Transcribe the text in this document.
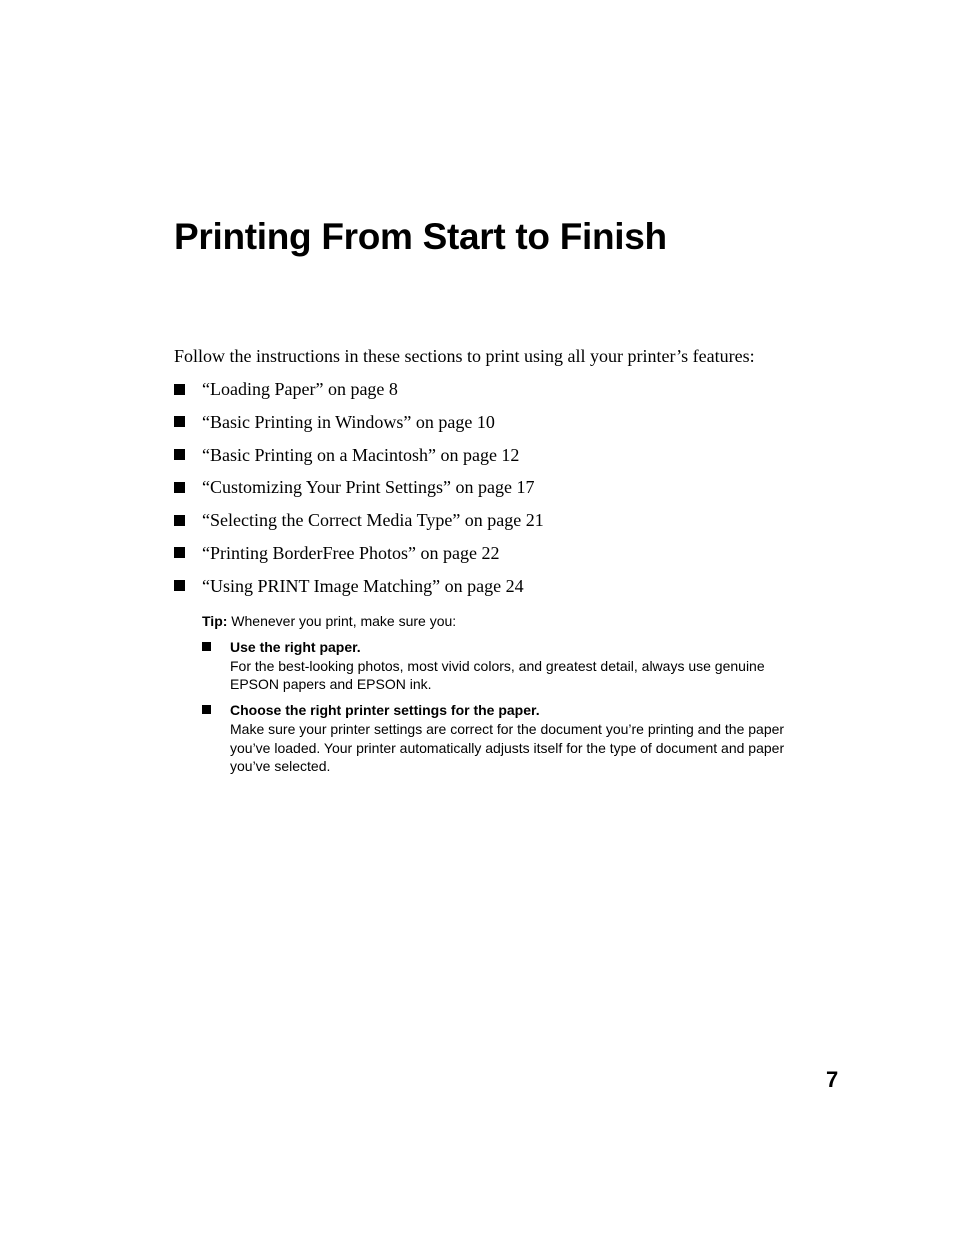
Printing From Start to Finish

Follow the instructions in these sections to print using all your printer’s features:

“Loading Paper” on page 8
“Basic Printing in Windows” on page 10
“Basic Printing on a Macintosh” on page 12
“Customizing Your Print Settings” on page 17
“Selecting the Correct Media Type” on page 21
“Printing BorderFree Photos” on page 22
“Using PRINT Image Matching” on page 24

Tip: Whenever you print, make sure you:

Use the right paper.
For the best-looking photos, most vivid colors, and greatest detail, always use genuine EPSON papers and EPSON ink.
Choose the right printer settings for the paper.
Make sure your printer settings are correct for the document you’re printing and the paper you’ve loaded. Your printer automatically adjusts itself for the type of document and paper you’ve selected.

7
